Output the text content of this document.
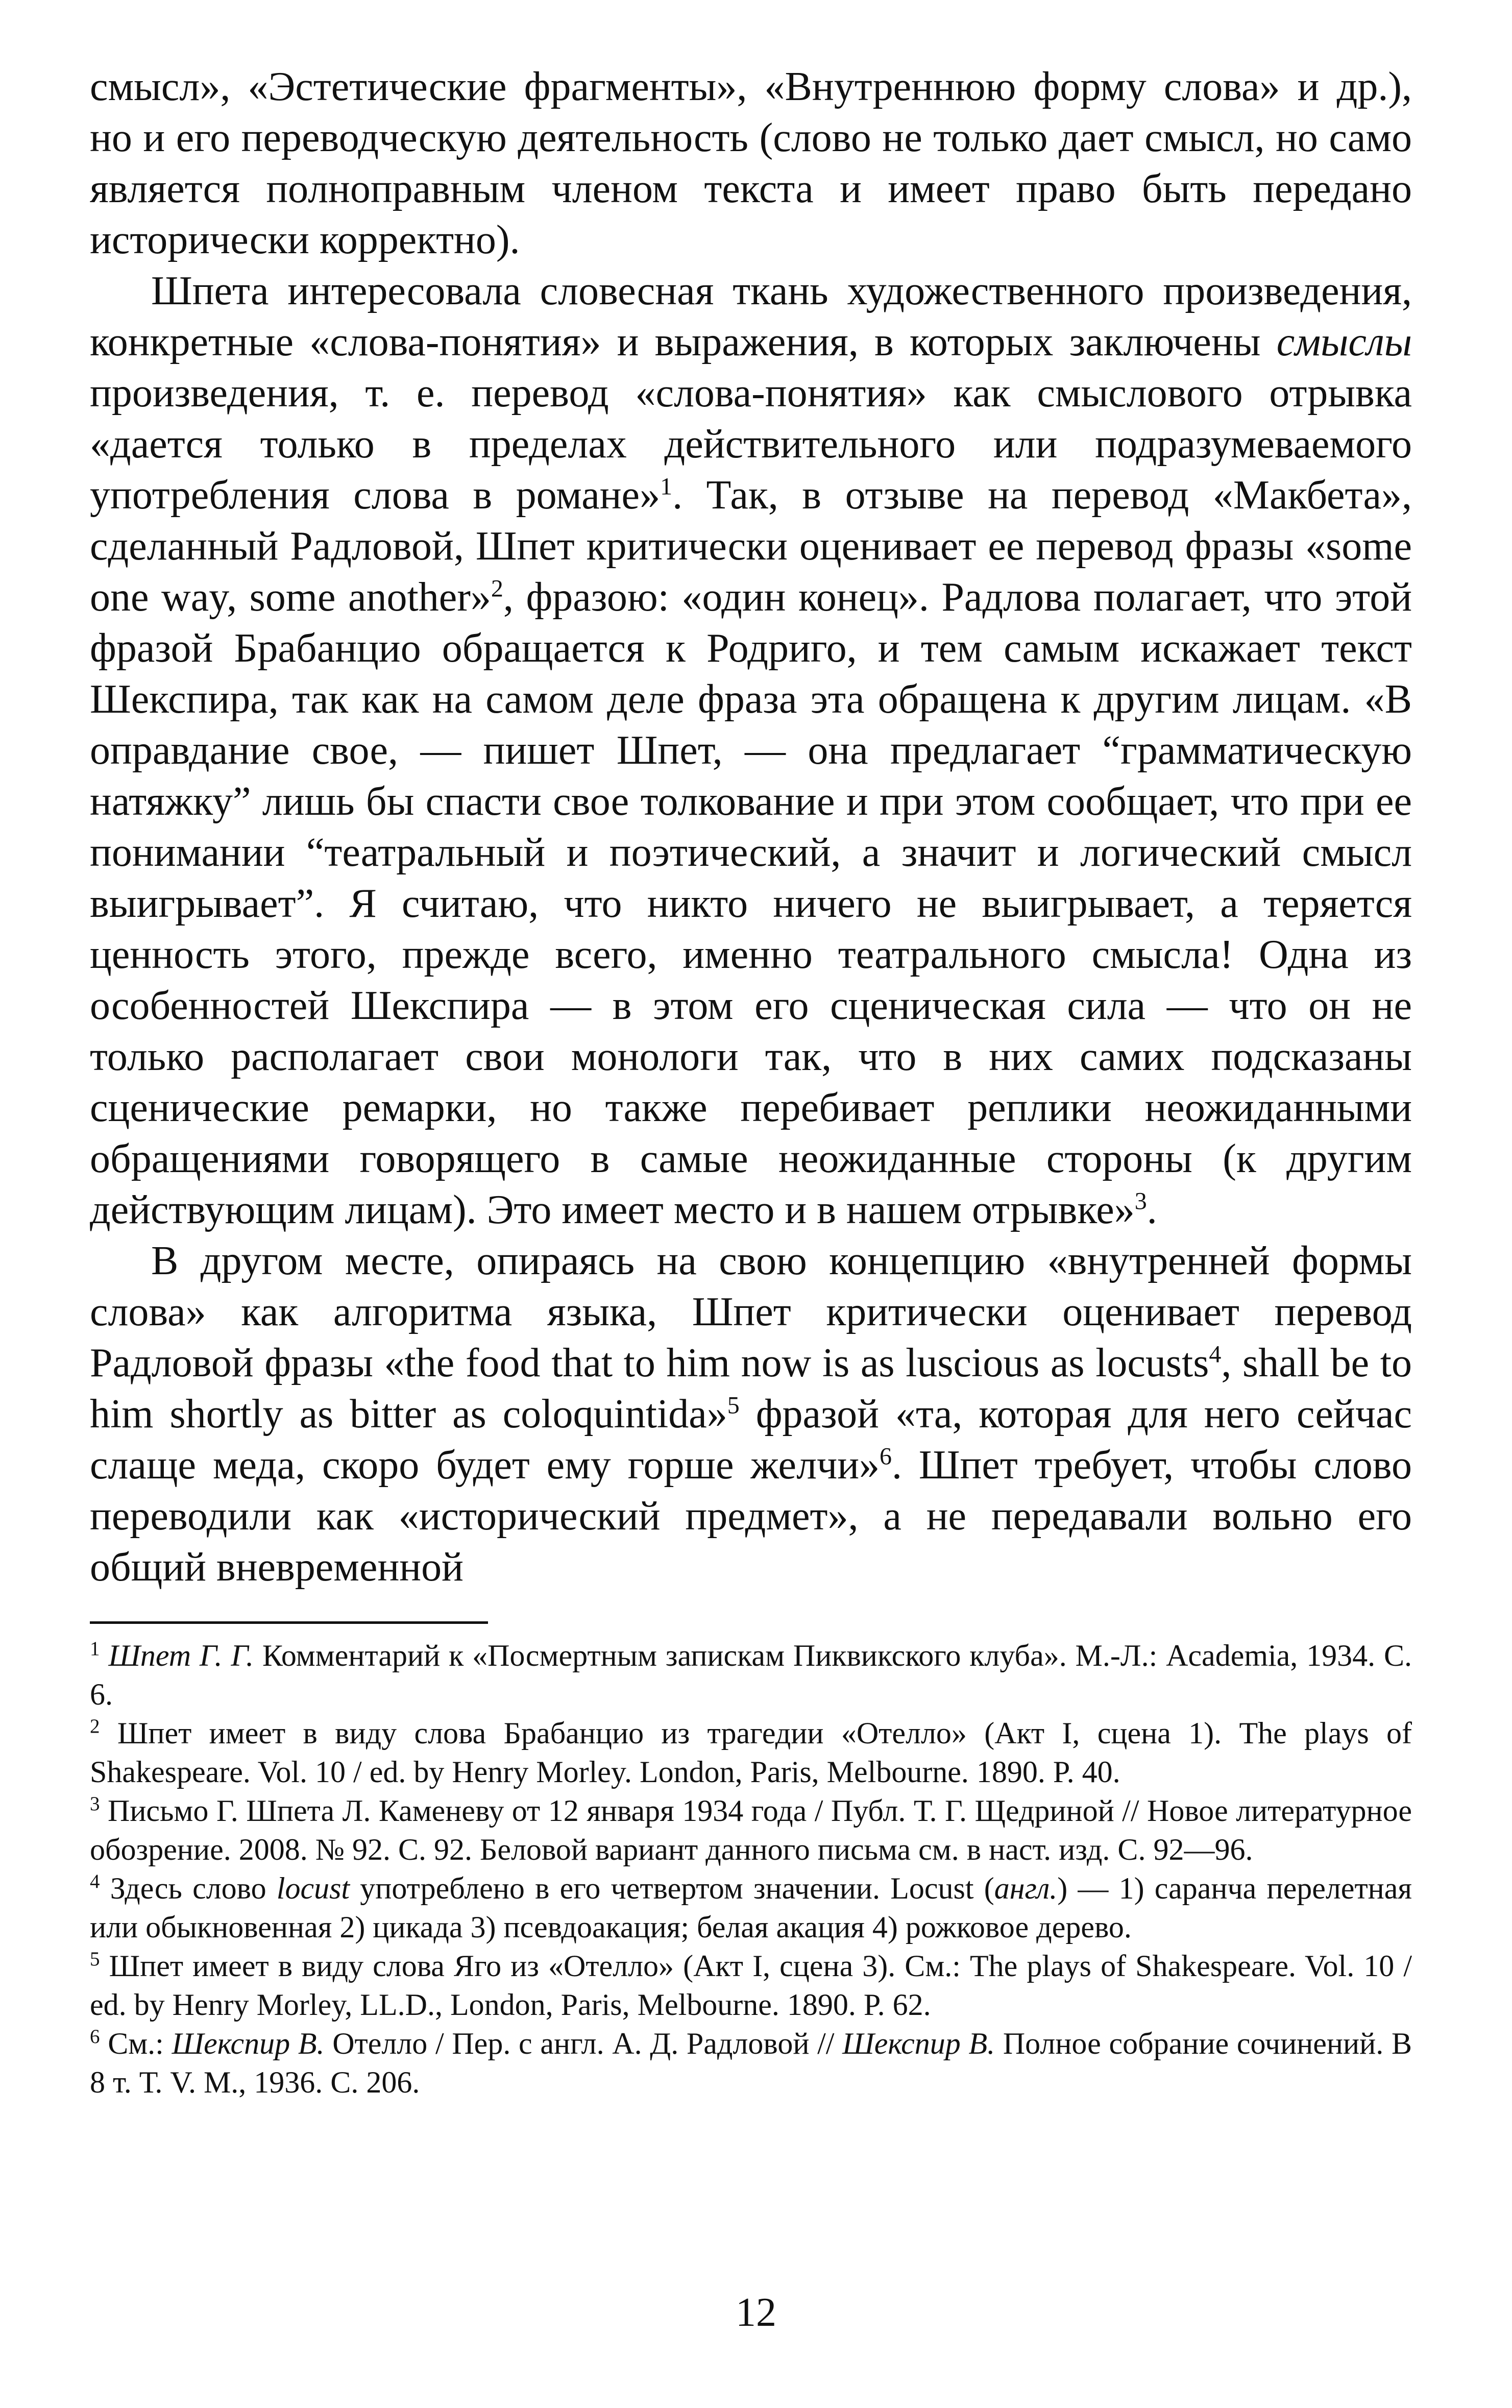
смысл», «Эстетические фрагменты», «Внутреннюю форму слова» и др.), но и его переводческую деятельность (слово не только дает смысл, но само является полноправным членом текста и имеет право быть передано исторически корректно).

Шпета интересовала словесная ткань художественного произведения, конкретные «слова-понятия» и выражения, в которых заключены смыслы произведения, т. е. перевод «слова-понятия» как смыслового отрывка «дается только в пределах действительного или подразумеваемого употребления слова в романе»$^1$. Так, в отзыве на перевод «Макбета», сделанный Радловой, Шпет критически оценивает ее перевод фразы «some one way, some another»$^2$, фразою: «один конец». Радлова полагает, что этой фразой Брабанцио обращается к Родриго, и тем самым искажает текст Шекспира, так как на самом деле фраза эта обращена к другим лицам. «В оправдание свое, — пишет Шпет, — она предлагает “грамматическую натяжку” лишь бы спасти свое толкование и при этом сообщает, что при ее понимании “театральный и поэтический, а значит и логический смысл выигрывает”. Я считаю, что никто ничего не выигрывает, а теряется ценность этого, прежде всего, именно театрального смысла! Одна из особенностей Шекспира — в этом его сценическая сила — что он не только располагает свои монологи так, что в них самих подсказаны сценические ремарки, но также перебивает реплики неожиданными обращениями говорящего в самые неожиданные стороны (к другим действующим лицам). Это имеет место и в нашем отрывке»$^3$.

В другом месте, опираясь на свою концепцию «внутренней формы слова» как алгоритма языка, Шпет критически оценивает перевод Радловой фразы «the food that to him now is as luscious as locusts$^4$, shall be to him shortly as bitter as coloquintida»$^5$ фразой «та, которая для него сейчас слаще меда, скоро будет ему горше желчи»$^6$. Шпет требует, чтобы слово переводили как «исторический предмет», а не передавали вольно его общий вневременной

$^1$ Шпет Г. Г. Комментарий к «Посмертным запискам Пиквикского клуба». М.-Л.: Academia, 1934. С. 6.

$^2$ Шпет имеет в виду слова Брабанцио из трагедии «Отелло» (Акт I, сцена 1). The plays of Shakespeare. Vol. 10 / ed. by Henry Morley. London, Paris, Melbourne. 1890. P. 40.

$^3$ Письмо Г. Шпета Л. Каменеву от 12 января 1934 года / Публ. Т. Г. Щедриной // Новое литературное обозрение. 2008. № 92. С. 92. Беловой вариант данного письма см. в наст. изд. С. 92—96.

$^4$ Здесь слово locust употреблено в его четвертом значении. Locust (англ.) — 1) саранча перелетная или обыкновенная 2) цикада 3) псевдоакация; белая акация 4) рожковое дерево.

$^5$ Шпет имеет в виду слова Яго из «Отелло» (Акт I, сцена 3). См.: The plays of Shakespeare. Vol. 10 / ed. by Henry Morley, LL.D., London, Paris, Melbourne. 1890. P. 62.

$^6$ См.: Шекспир В. Отелло / Пер. с англ. А. Д. Радловой // Шекспир В. Полное собрание сочинений. В 8 т. Т. V. М., 1936. С. 206.

12
